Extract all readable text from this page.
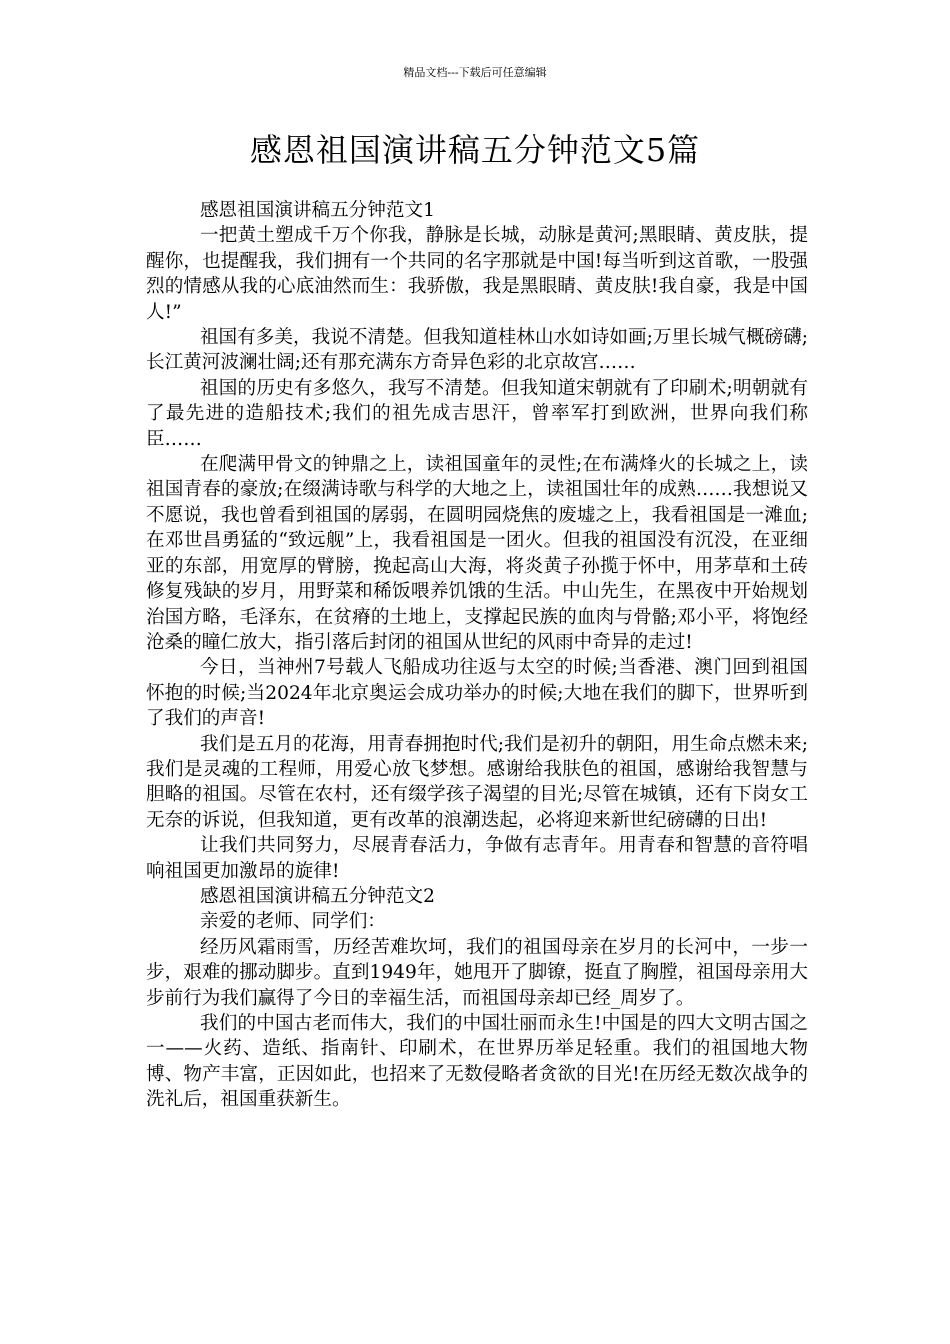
精品文档---下载后可任意编辑
感恩祖国演讲稿五分钟范文5篇

感恩祖国演讲稿五分钟范文1

一把黄土塑成千万个你我，静脉是长城，动脉是黄河;黑眼睛、黄皮肤，提醒你，也提醒我，我们拥有一个共同的名字那就是中国!每当听到这首歌，一股强烈的情感从我的心底油然而生：我骄傲，我是黑眼睛、黄皮肤!我自豪，我是中国人!”

祖国有多美，我说不清楚。但我知道桂林山水如诗如画;万里长城气概磅礴;长江黄河波澜壮阔;还有那充满东方奇异色彩的北京故宫……

祖国的历史有多悠久，我写不清楚。但我知道宋朝就有了印刷术;明朝就有了最先进的造船技术;我们的祖先成吉思汗，曾率军打到欧洲，世界向我们称臣……

在爬满甲骨文的钟鼎之上，读祖国童年的灵性;在布满烽火的长城之上，读祖国青春的豪放;在缀满诗歌与科学的大地之上，读祖国壮年的成熟……我想说又不愿说，我也曾看到祖国的孱弱，在圆明园烧焦的废墟之上，我看祖国是一滩血;在邓世昌勇猛的“致远舰”上，我看祖国是一团火。但我的祖国没有沉没，在亚细亚的东部，用宽厚的臂膀，挽起高山大海，将炎黄子孙揽于怀中，用茅草和土砖修复残缺的岁月，用野菜和稀饭喂养饥饿的生活。中山先生，在黑夜中开始规划治国方略，毛泽东，在贫瘠的土地上，支撑起民族的血肉与骨骼;邓小平，将饱经沧桑的瞳仁放大，指引落后封闭的祖国从世纪的风雨中奇异的走过!

今日，当神州7号载人飞船成功往返与太空的时候;当香港、澳门回到祖国怀抱的时候;当2024年北京奥运会成功举办的时候;大地在我们的脚下，世界听到了我们的声音!

我们是五月的花海，用青春拥抱时代;我们是初升的朝阳，用生命点燃未来;我们是灵魂的工程师，用爱心放飞梦想。感谢给我肤色的祖国，感谢给我智慧与胆略的祖国。尽管在农村，还有缀学孩子渴望的目光;尽管在城镇，还有下岗女工无奈的诉说，但我知道，更有改革的浪潮迭起，必将迎来新世纪磅礴的日出!

让我们共同努力，尽展青春活力，争做有志青年。用青春和智慧的音符唱响祖国更加激昂的旋律!

感恩祖国演讲稿五分钟范文2

亲爱的老师、同学们：

经历风霜雨雪，历经苦难坎坷，我们的祖国母亲在岁月的长河中，一步一步，艰难的挪动脚步。直到1949年，她甩开了脚镣，挺直了胸膛，祖国母亲用大步前行为我们赢得了今日的幸福生活，而祖国母亲却已经_周岁了。

我们的中国古老而伟大，我们的中国壮丽而永生!中国是的四大文明古国之一——火药、造纸、指南针、印刷术，在世界历举足轻重。我们的祖国地大物博、物产丰富，正因如此，也招来了无数侵略者贪欲的目光!在历经无数次战争的洗礼后，祖国重获新生。
